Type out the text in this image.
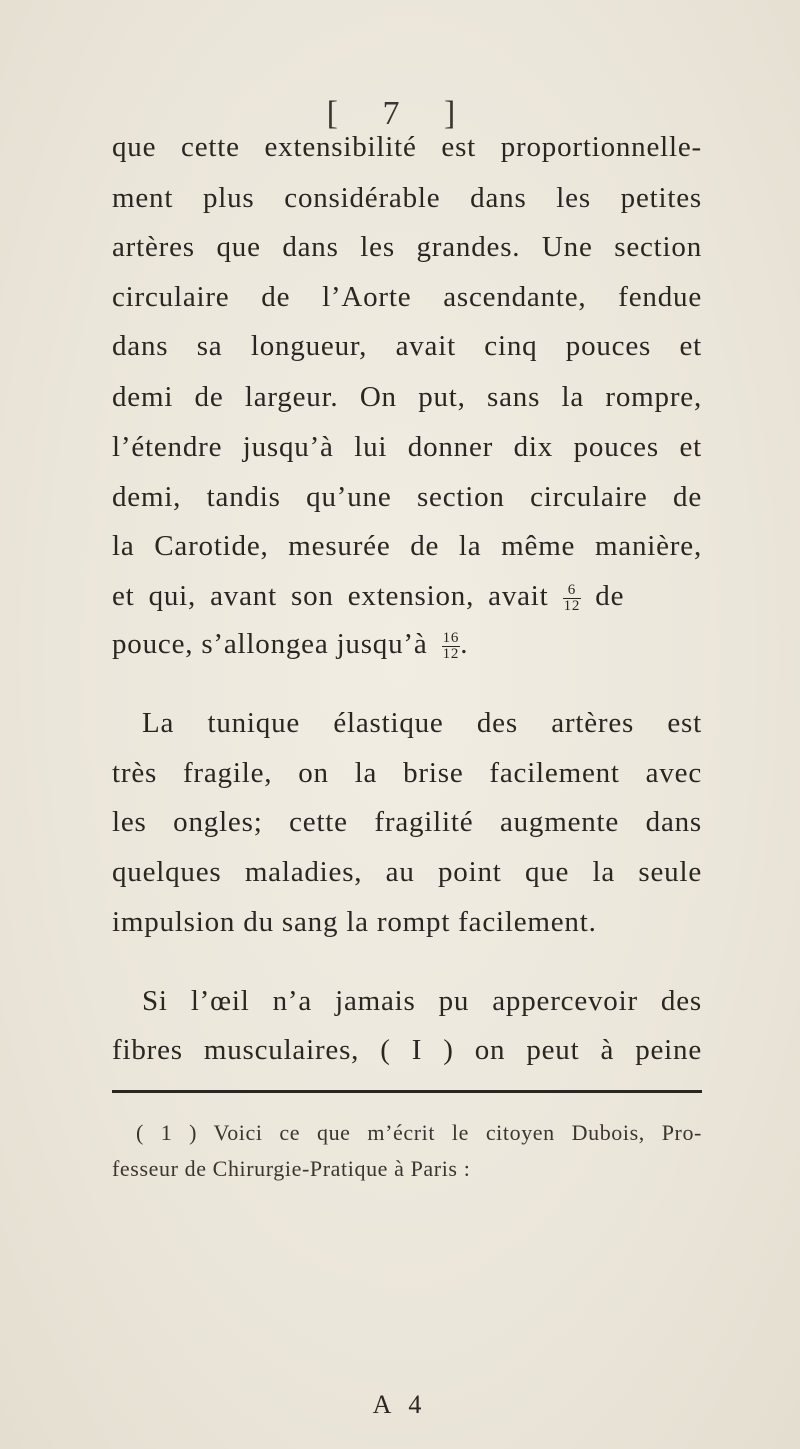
[ 7 ]
que cette extensibilité est proportionnelle-
ment plus considérable dans les petites
artères que dans les grandes. Une section
circulaire de l’Aorte ascendante, fendue
dans sa longueur, avait cinq pouces et
demi de largeur. On put, sans la rompre,
l’étendre jusqu’à lui donner dix pouces et
demi, tandis qu’une section circulaire de
la Carotide, mesurée de la même manière,
et qui, avant son extension, avait $\frac{6}{12}$ de
pouce, s’allongea jusqu’à $\frac{16}{12}$ .
La tunique élastique des artères est
très fragile, on la brise facilement avec
les ongles; cette fragilité augmente dans
quelques maladies, au point que la seule
impulsion du sang la rompt facilement.
Si l’œil n’a jamais pu appercevoir des
fibres musculaires, ( I ) on peut à peine
( 1 ) Voici ce que m’écrit le citoyen Dubois, Pro-
fesseur de Chirurgie-Pratique à Paris :
A 4
